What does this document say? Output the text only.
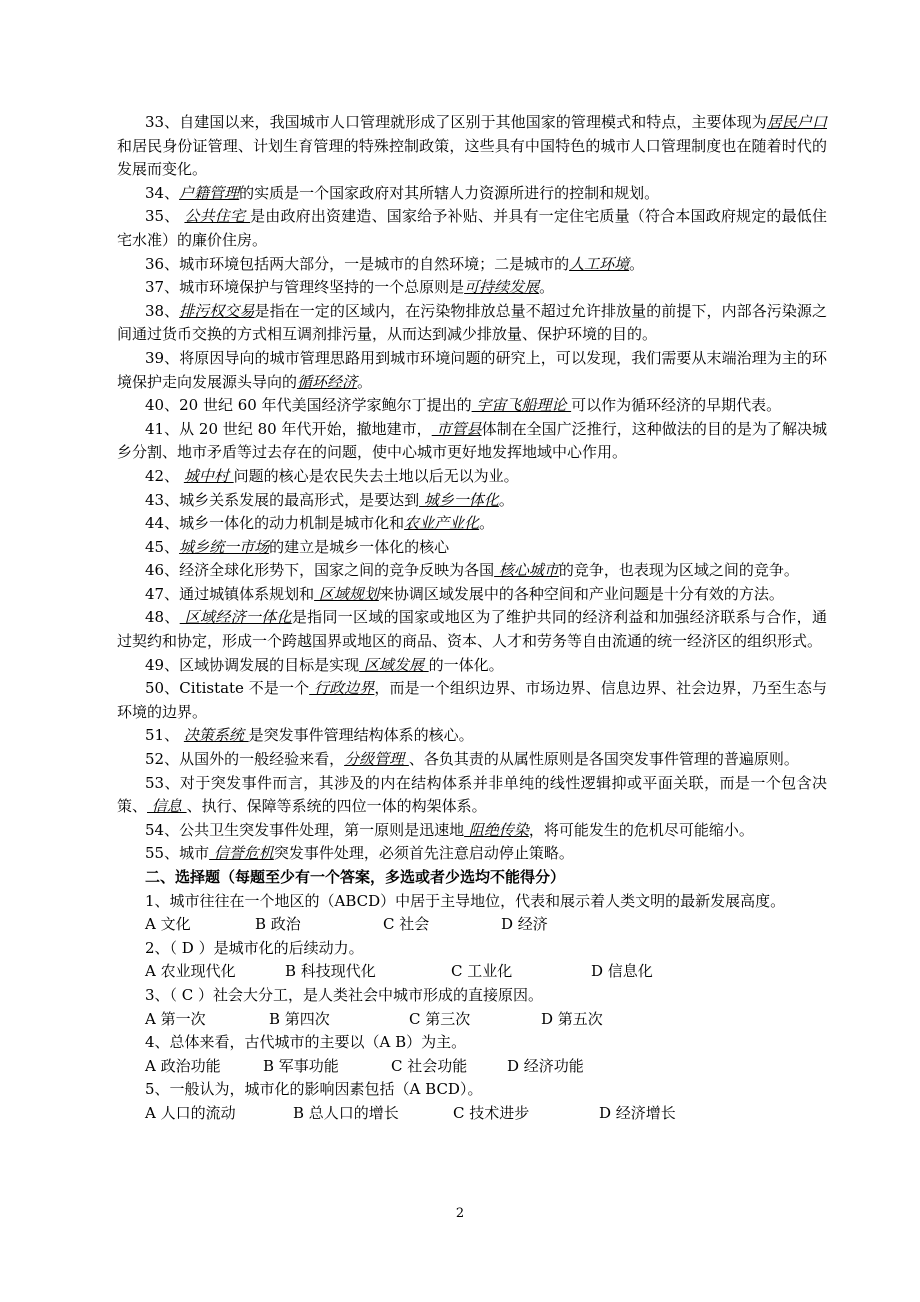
33、自建国以来，我国城市人口管理就形成了区别于其他国家的管理模式和特点，主要体现为居民户口和居民身份证管理、计划生育管理的特殊控制政策，这些具有中国特色的城市人口管理制度也在随着时代的发展而变化。

34、户籍管理的实质是一个国家政府对其所辖人力资源所进行的控制和规划。

35、 公共住宅 是由政府出资建造、国家给予补贴、并具有一定住宅质量（符合本国政府规定的最低住宅水准）的廉价住房。

36、城市环境包括两大部分，一是城市的自然环境；二是城市的人工环境。

37、城市环境保护与管理终坚持的一个总原则是可持续发展。

38、排污权交易是指在一定的区域内，在污染物排放总量不超过允许排放量的前提下，内部各污染源之间通过货币交换的方式相互调剂排污量，从而达到减少排放量、保护环境的目的。

39、将原因导向的城市管理思路用到城市环境问题的研究上，可以发现，我们需要从末端治理为主的环境保护走向发展源头导向的循环经济。

40、20 世纪 60 年代美国经济学家鲍尔丁提出的 宇宙飞船理论 可以作为循环经济的早期代表。

41、从 20 世纪 80 年代开始，撤地建市， 市管县体制在全国广泛推行，这种做法的目的是为了解决城乡分割、地市矛盾等过去存在的问题，使中心城市更好地发挥地域中心作用。

42、 城中村 问题的核心是农民失去土地以后无以为业。

43、城乡关系发展的最高形式，是要达到 城乡一体化。

44、城乡一体化的动力机制是城市化和农业产业化。

45、城乡统一市场的建立是城乡一体化的核心

46、经济全球化形势下，国家之间的竞争反映为各国 核心城市的竞争，也表现为区域之间的竞争。

47、通过城镇体系规划和 区域规划来协调区域发展中的各种空间和产业问题是十分有效的方法。

48、 区域经济一体化是指同一区域的国家或地区为了维护共同的经济利益和加强经济联系与合作，通过契约和协定，形成一个跨越国界或地区的商品、资本、人才和劳务等自由流通的统一经济区的组织形式。

49、区域协调发展的目标是实现 区域发展 的一体化。

50、Citistate 不是一个 行政边界，而是一个组织边界、市场边界、信息边界、社会边界，乃至生态与环境的边界。

51、 决策系统 是突发事件管理结构体系的核心。

52、从国外的一般经验来看，分级管理 、各负其责的从属性原则是各国突发事件管理的普遍原则。

53、对于突发事件而言，其涉及的内在结构体系并非单纯的线性逻辑抑或平面关联，而是一个包含决策、 信息 、执行、保障等系统的四位一体的构架体系。

54、公共卫生突发事件处理，第一原则是迅速地 阻绝传染，将可能发生的危机尽可能缩小。

55、城市 信誉危机突发事件处理，必须首先注意启动停止策略。

二、选择题（每题至少有一个答案，多选或者少选均不能得分）

1、城市往往在一个地区的（ABCD）中居于主导地位，代表和展示着人类文明的最新发展高度。

A 文化	B 政治	C 社会	D 经济

2、（ D ）是城市化的后续动力。

A 农业现代化	B 科技现代化	C 工业化	D 信息化

3、（ C ）社会大分工，是人类社会中城市形成的直接原因。

A 第一次	B 第四次	C 第三次	D 第五次

4、总体来看，古代城市的主要以（A B）为主。

A 政治功能	B 军事功能	C 社会功能	D 经济功能

5、一般认为，城市化的影响因素包括（A BCD）。

A 人口的流动	B 总人口的增长	C 技术进步	D 经济增长

2
